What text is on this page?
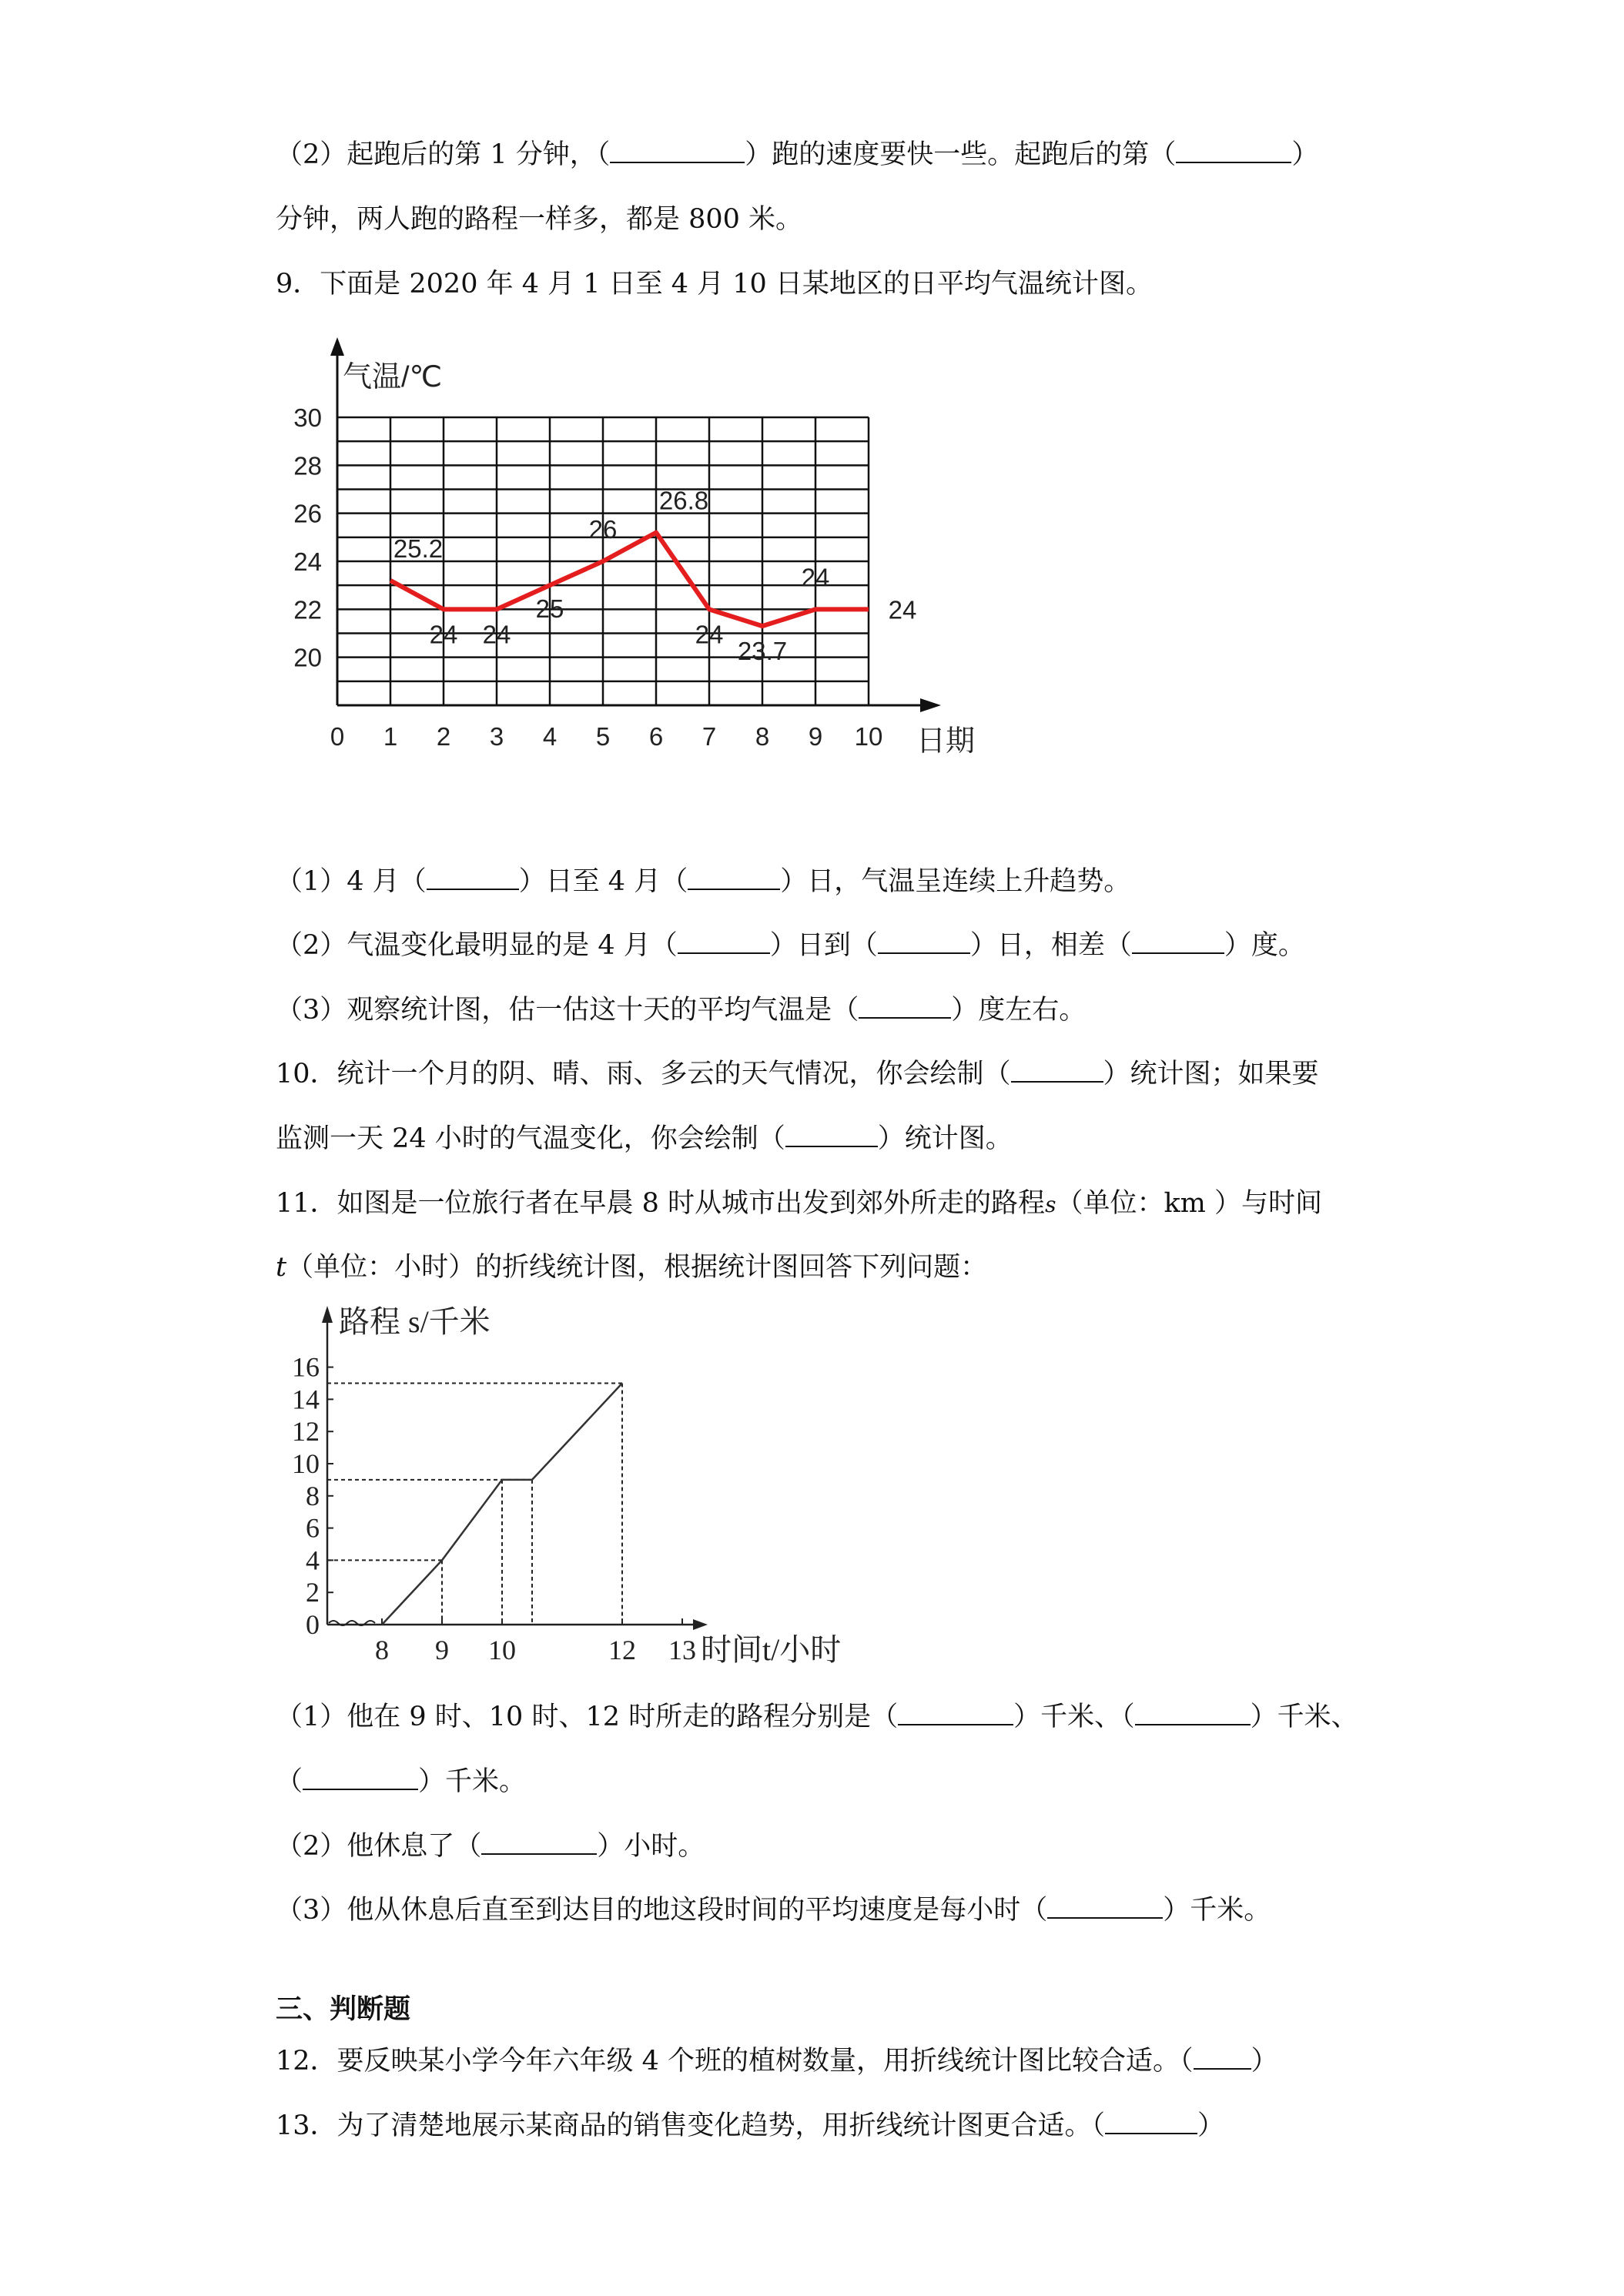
（2）起跑后的第 1 分钟，（	）跑的速度要快一些。起跑后的第（	）
分钟，两人跑的路程一样多，都是 800 米。
9．下面是 2020 年 4 月 1 日至 4 月 10 日某地区的日平均气温统计图。
20
22
24
26
28
30
0 1 2 3 4 5 6 7 8 9 10
25.2
24 24
25
26
26.8
24
23.7
24
24
气温/℃
日期
（1）4 月（	）日至 4 月（	）日，气温呈连续上升趋势。
（2）气温变化最明显的是 4 月（	）日到（	）日，相差（	）度。
（3）观察统计图，估一估这十天的平均气温是（	）度左右。
10．统计一个月的阴、晴、雨、多云的天气情况，你会绘制（	）统计图；如果要
监测一天 24 小时的气温变化，你会绘制（	）统计图。
11．如图是一位旅行者在早晨 8 时从城市出发到郊外所走的路程s（单位：km ）与时间
t（单位：小时）的折线统计图，根据统计图回答下列问题：
0
2
4
6
8
10
12
14
16
8 9 10	12 13
路程 s/千米
时间t/小时
（1）他在 9 时、10 时、12 时所走的路程分别是（	）千米、（	）千米、
（	）千米。
（2）他休息了（	）小时。
（3）他从休息后直至到达目的地这段时间的平均速度是每小时（	）千米。
三、判断题
12．要反映某小学今年六年级 4 个班的植树数量，用折线统计图比较合适。（ ）
13．为了清楚地展示某商品的销售变化趋势，用折线统计图更合适。（	）
